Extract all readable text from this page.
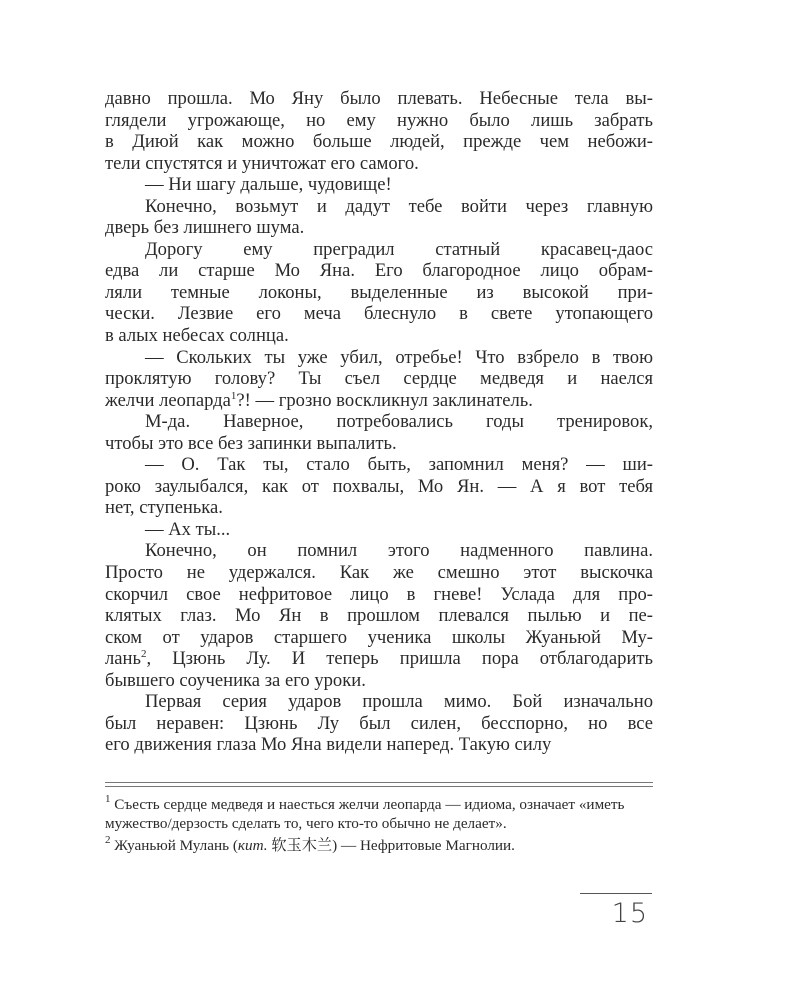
давно прошла. Мо Яну было плевать. Небесные тела вы-
глядели угрожающе, но ему нужно было лишь забрать
в Диюй как можно больше людей, прежде чем небожи-
тели спустятся и уничтожат его самого.
— Ни шагу дальше, чудовище!
Конечно, возьмут и дадут тебе войти через главную
дверь без лишнего шума.
Дорогу ему преградил статный красавец-даос
едва ли старше Мо Яна. Его благородное лицо обрам-
ляли темные локоны, выделенные из высокой при-
чески. Лезвие его меча блеснуло в свете утопающего
в алых небесах солнца.
— Скольких ты уже убил, отребье! Что взбрело в твою
проклятую голову? Ты съел сердце медведя и наелся
желчи леопарда$^1$?! — грозно воскликнул заклинатель.
М-да. Наверное, потребовались годы тренировок,
чтобы это все без запинки выпалить.
— О. Так ты, стало быть, запомнил меня? — ши-
роко заулыбался, как от похвалы, Мо Ян. — А я вот тебя
нет, ступенька.
— Ах ты...
Конечно, он помнил этого надменного павлина.
Просто не удержался. Как же смешно этот выскочка
скорчил свое нефритовое лицо в гневе! Услада для про-
клятых глаз. Мо Ян в прошлом плевался пылью и пе-
ском от ударов старшего ученика школы Жуаньюй Му-
лань$^2$, Цзюнь Лу. И теперь пришла пора отблагодарить
бывшего соученика за его уроки.
Первая серия ударов прошла мимо. Бой изначально
был неравен: Цзюнь Лу был силен, бесспорно, но все
его движения глаза Мо Яна видели наперед. Такую силу
$^1$ Съесть сердце медведя и наесться желчи леопарда — идиома, означает «иметь мужество/дерзость сделать то, чего кто-то обычно не делает».
$^2$ Жуаньюй Мулань (кит. 软玉木兰) — Нефритовые Магнолии.
15
